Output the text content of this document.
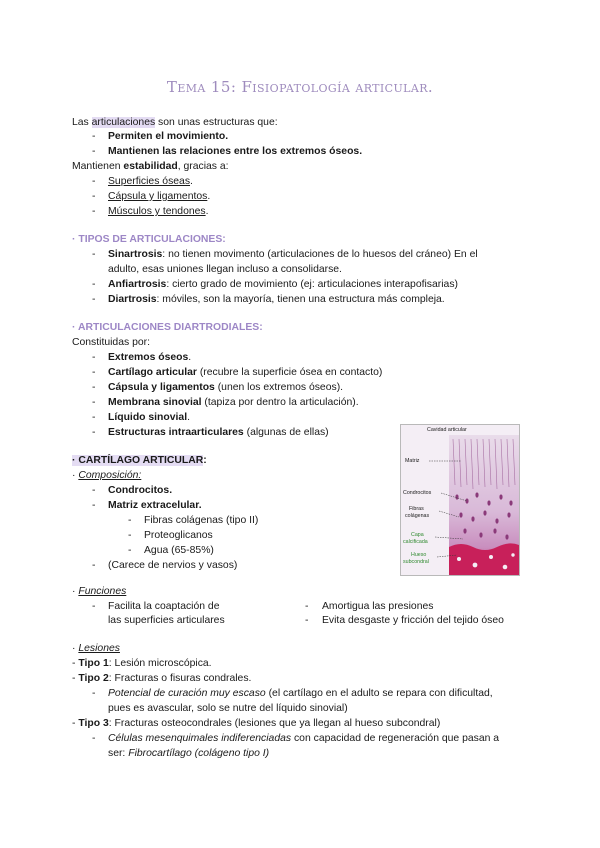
Tema 15: Fisiopatología articular.
Las articulaciones son unas estructuras que:
- Permiten el movimiento.
- Mantienen las relaciones entre los extremos óseos.
Mantienen estabilidad, gracias a:
- Superficies óseas.
- Cápsula y ligamentos.
- Músculos y tendones.
· TIPOS DE ARTICULACIONES:
- Sinartrosis: no tienen movimento (articulaciones de lo huesos del cráneo) En el
adulto, esas uniones llegan incluso a consolidarse.
- Anfiartrosis: cierto grado de movimiento (ej: articulaciones interapofisarias)
- Diartrosis: móviles, son la mayoría, tienen una estructura más compleja.
· ARTICULACIONES DIARTRODIALES:
Constituidas por:
- Extremos óseos.
- Cartílago articular (recubre la superficie ósea en contacto)
- Cápsula y ligamentos (unen los extremos óseos).
- Membrana sinovial (tapiza por dentro la articulación).
- Líquido sinovial.
- Estructuras intraarticulares (algunas de ellas)
· CARTÍLAGO ARTICULAR:
· Composición:
- Condrocitos.
- Matriz extracelular.
- Fibras colágenas (tipo II)
- Proteoglicanos
- Agua (65-85%)
- (Carece de nervios y vasos)
Cavidad articular
Matriz
Condrocitos
Fibras
colágenas
Capa
calcificada
Hueso
subcondral
· Funciones
- Facilita la coaptación de
las superficies articulares
- Amortigua las presiones
- Evita desgaste y fricción del tejido óseo
· Lesiones
- Tipo 1: Lesión microscópica.
- Tipo 2: Fracturas o fisuras condrales.
- Potencial de curación muy escaso (el cartílago en el adulto se repara con dificultad,
pues es avascular, solo se nutre del líquido sinovial)
- Tipo 3: Fracturas osteocondrales (lesiones que ya llegan al hueso subcondral)
- Células mesenquimales indiferenciadas con capacidad de regeneración que pasan a
ser: Fibrocartílago (colágeno tipo I)
